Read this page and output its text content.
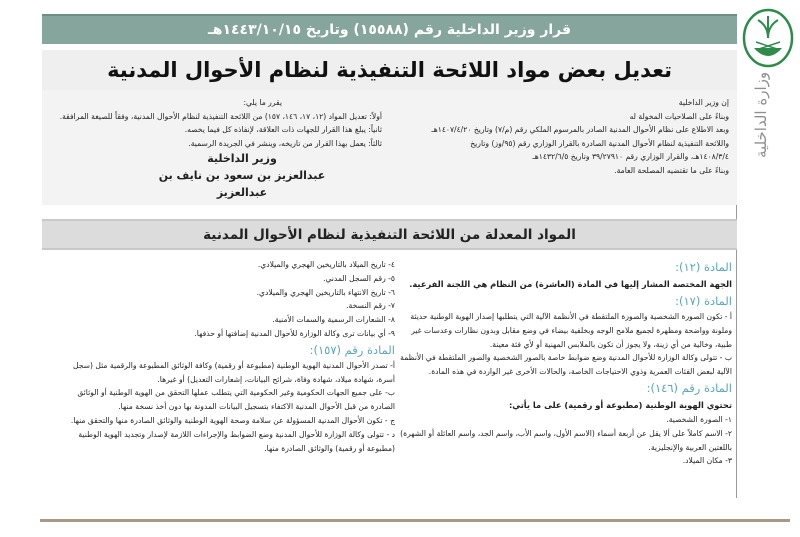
وزارة الداخلية
قرار وزير الداخلية رقم (١٥٥٨٨) وتاريخ ١٤٤٣/١٠/١٥هـ
تعديل بعض مواد اللائحة التنفيذية لنظام الأحوال المدنية
إن وزير الداخلية
وبناءً على الصلاحيات المخولة له
وبعد الاطلاع على نظام الأحوال المدنية الصادر بالمرسوم الملكي رقم (م/٧) وتاريخ ١٤٠٧/٤/٢٠هـ
واللائحة التنفيذية لنظام الأحوال المدنية الصادرة بالقرار الوزاري رقم (٩٥/وز) وتاريخ
١٤٠٨/٣/٤هـ، والقرار الوزاري رقم ٣٩/٢٧٩١٠ وتاريخ ١٤٣٢/٦/٥هـ
وبناءً على ما تقتضيه المصلحة العامة.
يقرر ما يلي:
أولاً: تعديل المواد (١٢، ١٧، ١٤٦، ١٥٧) من اللائحة التنفيذية لنظام الأحوال المدنية، وفقاً للصيغة المرافقة.
ثانياً: يبلغ هذا القرار للجهات ذات العلاقة، لإنفاذه كل فيما يخصه.
ثالثاً: يعمل بهذا القرار من تاريخه، وينشر في الجريدة الرسمية.
وزير الداخلية
عبدالعزيز بن سعود بن نايف بن عبدالعزيز
المواد المعدلة من اللائحة التنفيذية لنظام الأحوال المدنية
المادة (١٢):
الجهة المختصة المشار إليها في المادة (العاشرة) من النظام هي اللجنة الفرعية.
المادة (١٧):
أ - تكون الصورة الشخصية والصورة الملتقطة في الأنظمة الآلية التي يتطلبها إصدار الهوية الوطنية حديثة وملونة وواضحة ومظهرة لجميع ملامح الوجه وبخلفية بيضاء في وضع مقابل وبدون نظارات وعدسات غير طبية، وخالية من أي زينة، ولا يجوز أن تكون بالملابس المهنية أو لأي فئة معينة.
ب - تتولى وكالة الوزارة للأحوال المدنية وضع ضوابط خاصة بالصور الشخصية والصور الملتقطة في الأنظمة الآلية لبعض الفئات العمرية وذوي الاحتياجات الخاصة، والحالات الأخرى غير الواردة في هذه المادة.
المادة رقم (١٤٦):
تحتوي الهوية الوطنية (مطبوعة أو رقمية) على ما يأتي:
١- الصورة الشخصية.
٢- الاسم كاملاً على ألا يقل عن أربعة أسماء (الاسم الأول، واسم الأب، واسم الجد، واسم العائلة أو الشهرة) باللغتين العربية والإنجليزية.
٣- مكان الميلاد.
٤- تاريخ الميلاد بالتاريخين الهجري والميلادي.
٥- رقم السجل المدني.
٦- تاريخ الانتهاء بالتاريخين الهجري والميلادي.
٧- رقم النسخة.
٨- الشعارات الرسمية والسمات الأمنية.
٩- أي بيانات ترى وكالة الوزارة للأحوال المدنية إضافتها أو حذفها.
المادة رقم (١٥٧):
أ- تصدر الأحوال المدنية الهوية الوطنية (مطبوعة أو رقمية) وكافة الوثائق المطبوعة والرقمية مثل (سجل أسرة، شهادة ميلاد، شهادة وفاة، شرائح البيانات، إشعارات التعديل) أو غيرها.
ب- على جميع الجهات الحكومية وغير الحكومية التي يتطلب عملها التحقق من الهوية الوطنية أو الوثائق الصادرة من قبل الأحوال المدنية الاكتفاء بتسجيل البيانات المدونة بها دون أخذ نسخة منها.
ج - تكون الأحوال المدنية المسؤولة عن سلامة وصحة الهوية الوطنية والوثائق الصادرة منها والتحقق منها.
د - تتولى وكالة الوزارة للأحوال المدنية وضع الضوابط والإجراءات اللازمة لإصدار وتجديد الهوية الوطنية (مطبوعة أو رقمية) والوثائق الصادرة منها.
